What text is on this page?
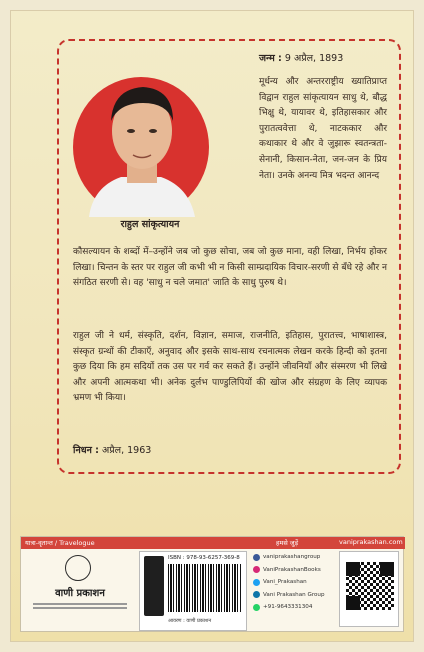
राहुल सांकृत्यायन
जन्म : 9 अप्रैल, 1893
मूर्धन्य और अन्तरराष्ट्रीय ख्यातिप्राप्त विद्वान राहुल सांकृत्यायन साधु थे, बौद्ध भिक्षु थे, यायावर थे, इतिहासकार और पुरातत्ववेत्ता थे, नाटककार और कथाकार थे और वे जुझारू स्वतन्त्रता-सेनानी, किसान-नेता, जन-जन के प्रिय नेता। उनके अनन्य मित्र भदन्त आनन्द
कौसल्यायन के शब्दों में–उन्होंने जब जो कुछ सोचा, जब जो कुछ माना, वही लिखा, निर्भय होकर लिखा। चिन्तन के स्तर पर राहुल जी कभी भी न किसी साम्प्रदायिक विचार-सरणी से बँधे रहे और न संगठित सरणी से। वह 'साधु न चले जमात' जाति के साधु पुरुष थे।
राहुल जी ने धर्म, संस्कृति, दर्शन, विज्ञान, समाज, राजनीति, इतिहास, पुरातत्त्व, भाषाशास्त्र, संस्कृत ग्रन्थों की टीकाएँ, अनुवाद और इसके साथ-साथ रचनात्मक लेखन करके हिन्दी को इतना कुछ दिया कि हम सदियों तक उस पर गर्व कर सकते हैं। उन्होंने जीवनियाँ और संस्मरण भी लिखे और अपनी आत्मकथा भी। अनेक दुर्लभ पाण्डुलिपियों की खोज और संग्रहण के लिए व्यापक भ्रमण भी किया।
निधन : अप्रैल, 1963
यात्रा-वृतान्त / Travelogue	हमसे जुड़ें	vaniprakashan.com
वाणी प्रकाशन
ISBN : 978-93-6257-369-8
आवरण : वाणी प्रकाशन
vaniprakashangroup
VaniPrakashanBooks
Vani_Prakashan
Vani Prakashan Group
+91-9643331304
